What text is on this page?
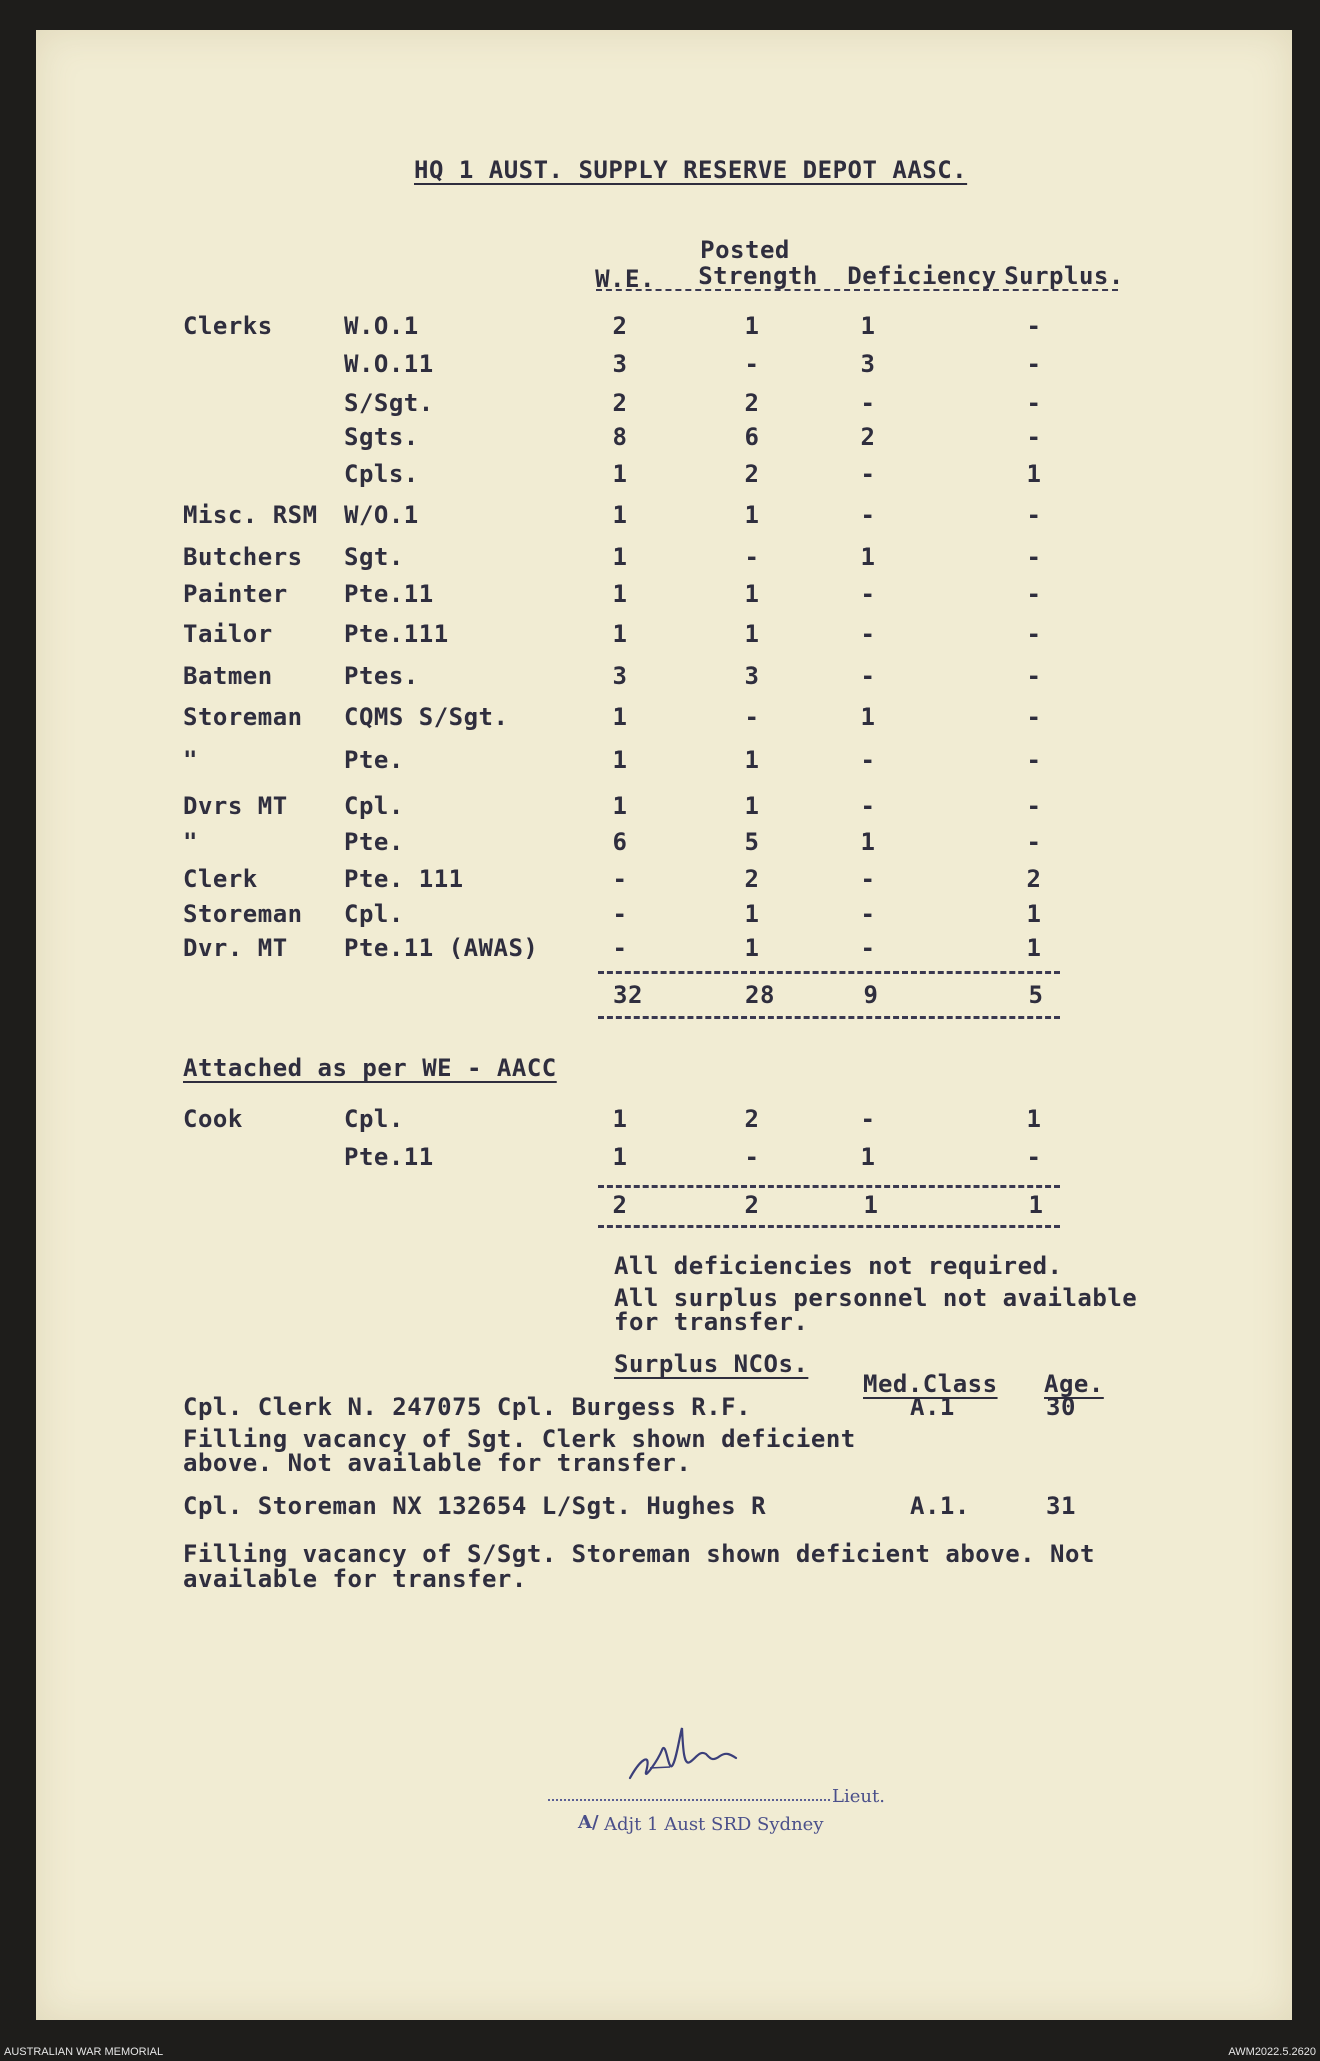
HQ 1 AUST. SUPPLY RESERVE DEPOT AASC.
W.E.
Posted
Strength Deficiency Surplus.
Clerks	W.O.1	2	1	1	-
W.O.11	3	-	3	-
S/Sgt.	2	2	-	-
Sgts.	8	6	2	-
Cpls.	1	2	-	1
Misc. RSM W/O.1	1	1	-	-
Butchers Sgt.	1	-	1	-
Painter Pte.11	1	1	-	-
Tailor	Pte.111	1	1	-	-
Batmen	Ptes.	3	3	-	-
Storeman CQMS S/Sgt.	1	-	1	-
"	Pte.	1	1	-	-
Dvrs MT Cpl.	1	1	-	-
"	Pte.	6	5	1	-
Clerk	Pte. 111	-	2	-	2
Storeman Cpl.	-	1	-	1
Dvr. MT Pte.11 (AWAS)	-	1	-	1
32	28	9	5
Attached as per WE - AACC
Cook	Cpl.	1	2	-	1
Pte.11	1	-	1	-
2	2	1	1
All deficiencies not required.
All surplus personnel not available
for transfer.
Surplus NCOs.
Med.Class Age.
Cpl. Clerk N. 247075 Cpl. Burgess R.F.	A.1	30
Filling vacancy of Sgt. Clerk shown deficient
above. Not available for transfer.
Cpl. Storeman NX 132654 L/Sgt. Hughes R	A.1.	31
Filling vacancy of S/Sgt. Storeman shown deficient above. Not
available for transfer.
Lieut.
A/ Adjt 1 Aust SRD Sydney
AUSTRALIAN WAR MEMORIAL	AWM2022.5.2620
